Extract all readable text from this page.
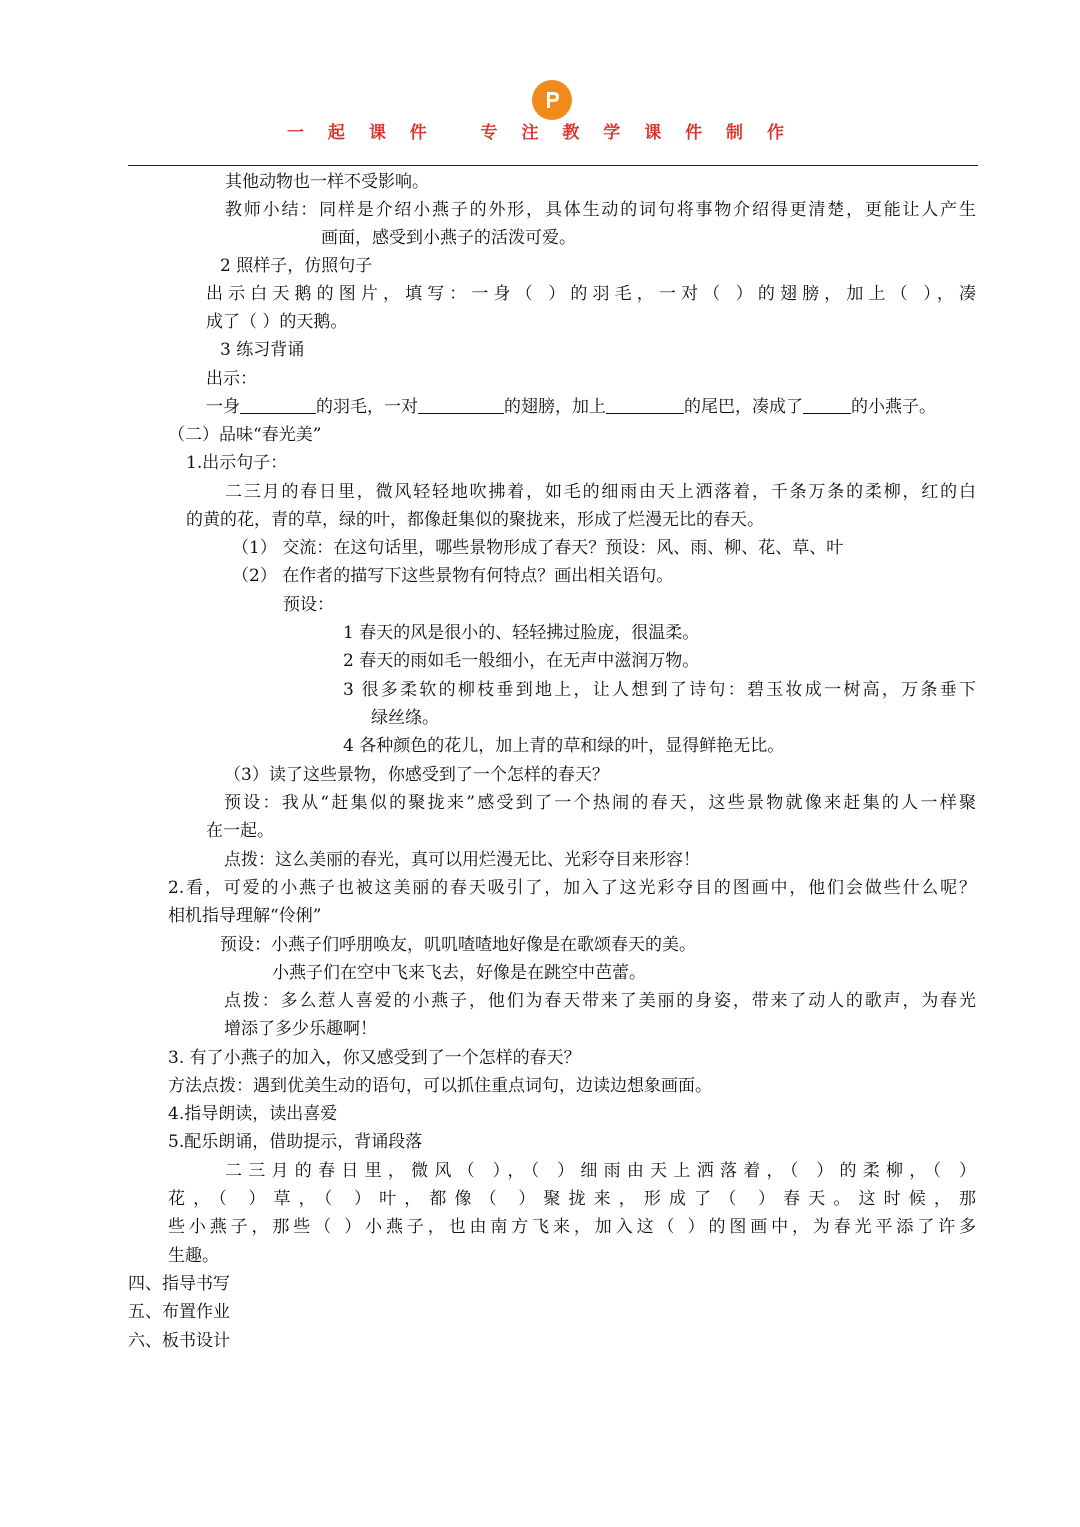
一 起 课 件   专 注 教 学 课 件 制 作
其他动物也一样不受影响。
教师小结：同样是介绍小燕子的外形，具体生动的词句将事物介绍得更清楚，更能让人产生
画面，感受到小燕子的活泼可爱。
2 照样子，仿照句子
出示白天鹅的图片，填写：一身（ ）的羽毛，一对（ ）的翅膀，加上（ ），凑
成了（ ）的天鹅。
3 练习背诵
出示：
一身	的羽毛，一对	的翅膀，加上	的尾巴，凑成了	的小燕子。
（二）品味“春光美”
1.出示句子：
二三月的春日里，微风轻轻地吹拂着，如毛的细雨由天上洒落着，千条万条的柔柳，红的白
的黄的花，青的草，绿的叶，都像赶集似的聚拢来，形成了烂漫无比的春天。
（1） 交流：在这句话里，哪些景物形成了春天？预设：风、雨、柳、花、草、叶
（2） 在作者的描写下这些景物有何特点？画出相关语句。
预设：
1 春天的风是很小的、轻轻拂过脸庞，很温柔。
2 春天的雨如毛一般细小，在无声中滋润万物。
3 很多柔软的柳枝垂到地上，让人想到了诗句：碧玉妆成一树高，万条垂下
绿丝绦。
4 各种颜色的花儿，加上青的草和绿的叶，显得鲜艳无比。
（3）读了这些景物，你感受到了一个怎样的春天？
预设：我从“赶集似的聚拢来”感受到了一个热闹的春天，这些景物就像来赶集的人一样聚
在一起。
点拨：这么美丽的春光，真可以用烂漫无比、光彩夺目来形容！
2.看，可爱的小燕子也被这美丽的春天吸引了，加入了这光彩夺目的图画中，他们会做些什么呢？
相机指导理解“伶俐”
预设：小燕子们呼朋唤友，叽叽喳喳地好像是在歌颂春天的美。
小燕子们在空中飞来飞去，好像是在跳空中芭蕾。
点拨：多么惹人喜爱的小燕子，他们为春天带来了美丽的身姿，带来了动人的歌声，为春光
增添了多少乐趣啊！
3. 有了小燕子的加入，你又感受到了一个怎样的春天？
方法点拨：遇到优美生动的语句，可以抓住重点词句，边读边想象画面。
4.指导朗读，读出喜爱
5.配乐朗诵，借助提示，背诵段落
二三月的春日里，微风（ ），（ ）细雨由天上洒落着，（ ）的柔柳，（ ）
花，（ ）草，（ ）叶，都像（ ）聚拢来，形成了（ ）春天。这时候，那
些小燕子，那些（ ）小燕子，也由南方飞来，加入这（ ）的图画中，为春光平添了许多
生趣。
四、指导书写
五、布置作业
六、板书设计
